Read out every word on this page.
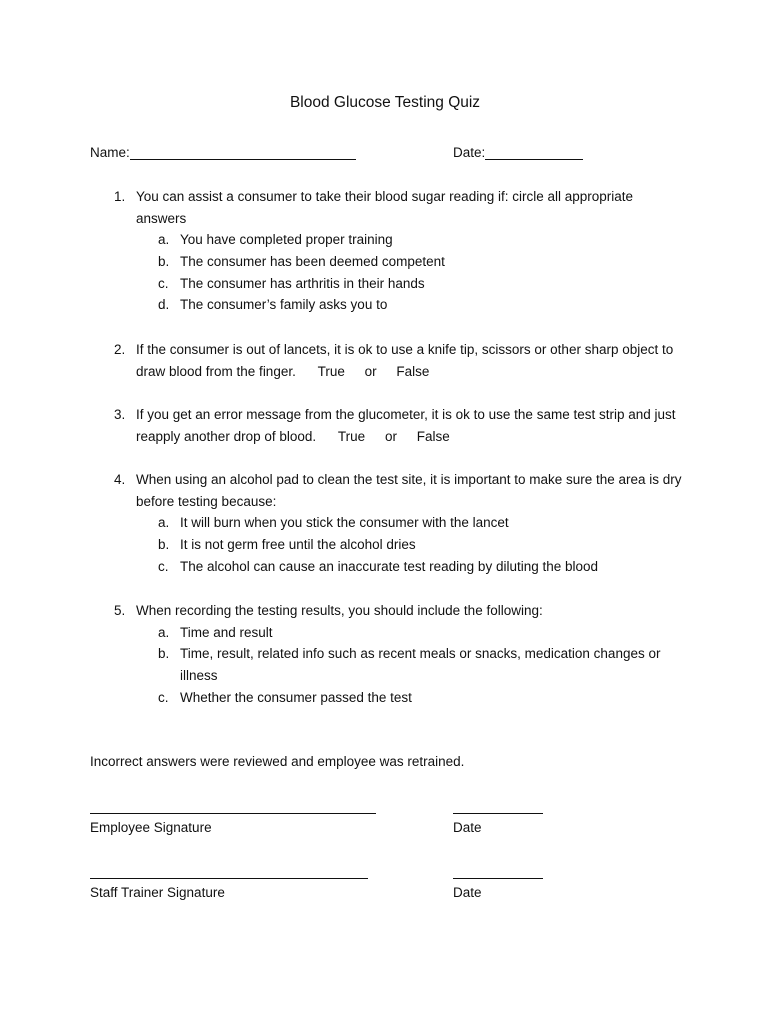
Blood Glucose Testing Quiz
Name:	Date:
1. You can assist a consumer to take their blood sugar reading if: circle all appropriate answers
a. You have completed proper training
b. The consumer has been deemed competent
c. The consumer has arthritis in their hands
d. The consumer’s family asks you to
2. If the consumer is out of lancets, it is ok to use a knife tip, scissors or other sharp object to draw blood from the finger. True or False
3. If you get an error message from the glucometer, it is ok to use the same test strip and just reapply another drop of blood. True or False
4. When using an alcohol pad to clean the test site, it is important to make sure the area is dry before testing because:
a. It will burn when you stick the consumer with the lancet
b. It is not germ free until the alcohol dries
c. The alcohol can cause an inaccurate test reading by diluting the blood
5. When recording the testing results, you should include the following:
a. Time and result
b. Time, result, related info such as recent meals or snacks, medication changes or illness
c. Whether the consumer passed the test
Incorrect answers were reviewed and employee was retrained.
Employee Signature	Date
Staff Trainer Signature	Date
